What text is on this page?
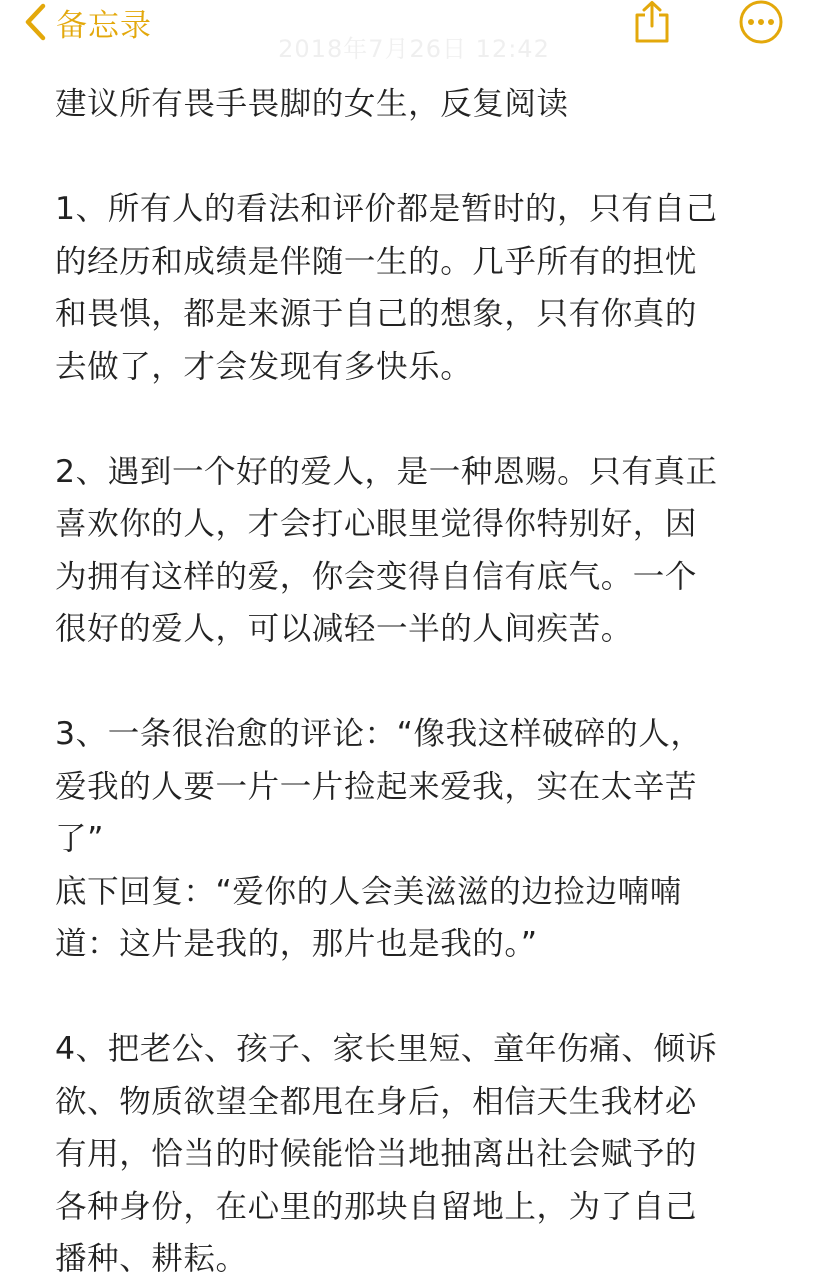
备忘录
2018年7月26日 12:42
建议所有畏手畏脚的女生，反复阅读
1、所有人的看法和评价都是暂时的，只有自己
的经历和成绩是伴随一生的。几乎所有的担忧
和畏惧，都是来源于自己的想象，只有你真的
去做了，才会发现有多快乐。
2、遇到一个好的爱人，是一种恩赐。只有真正
喜欢你的人，才会打心眼里觉得你特别好，因
为拥有这样的爱，你会变得自信有底气。一个
很好的爱人，可以减轻一半的人间疾苦。
3、一条很治愈的评论：“像我这样破碎的人，
爱我的人要一片一片捡起来爱我，实在太辛苦
了”
底下回复：“爱你的人会美滋滋的边捡边喃喃
道：这片是我的，那片也是我的。”
4、把老公、孩子、家长里短、童年伤痛、倾诉
欲、物质欲望全都甩在身后，相信天生我材必
有用，恰当的时候能恰当地抽离出社会赋予的
各种身份，在心里的那块自留地上，为了自己
播种、耕耘。
